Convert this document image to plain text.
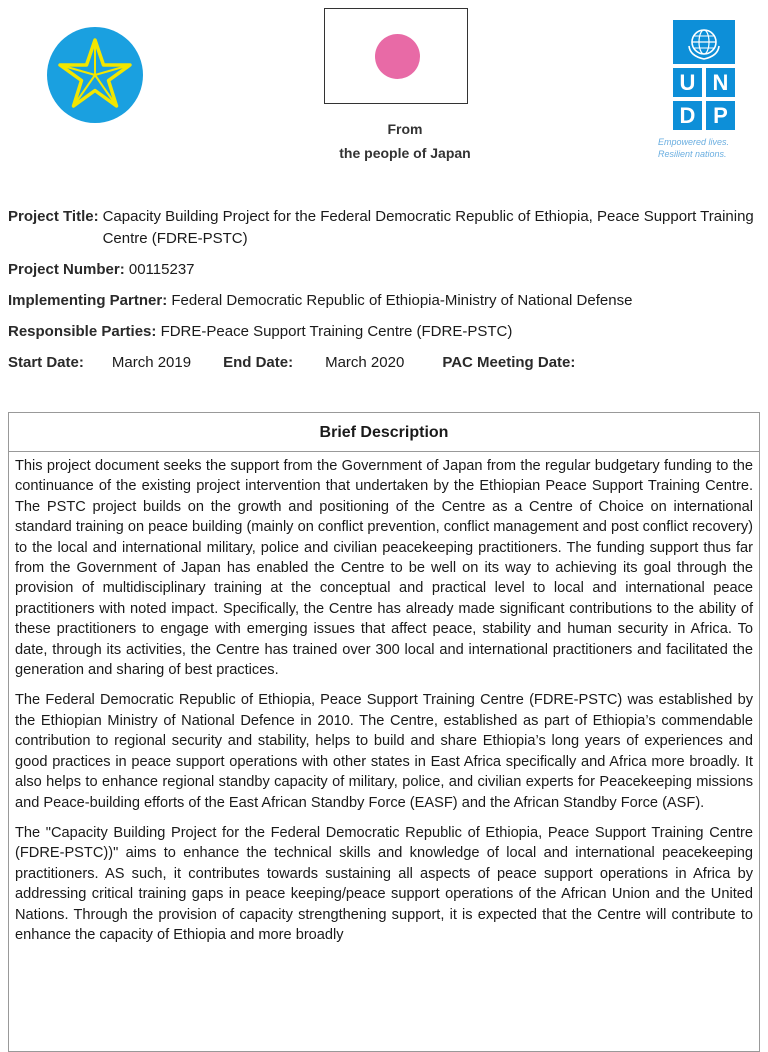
From
the people of Japan
U N
D P
Empowered lives.
Resilient nations.
Project Title: Capacity Building Project for the Federal Democratic Republic of Ethiopia, Peace Support Training Centre (FDRE-PSTC)
Project Number: 00115237
Implementing Partner: Federal Democratic Republic of Ethiopia-Ministry of National Defense
Responsible Parties: FDRE-Peace Support Training Centre (FDRE-PSTC)
Start Date: March 2019 End Date: March 2020	PAC Meeting Date:
Brief Description

This project document seeks the support from the Government of Japan from the regular budgetary funding to the continuance of the existing project intervention that undertaken by the Ethiopian Peace Support Training Centre. The PSTC project builds on the growth and positioning of the Centre as a Centre of Choice on international standard training on peace building (mainly on conflict prevention, conflict management and post conflict recovery) to the local and international military, police and civilian peacekeeping practitioners. The funding support thus far from the Government of Japan has enabled the Centre to be well on its way to achieving its goal through the provision of multidisciplinary training at the conceptual and practical level to local and international peace practitioners with noted impact. Specifically, the Centre has already made significant contributions to the ability of these practitioners to engage with emerging issues that affect peace, stability and human security in Africa. To date, through its activities, the Centre has trained over 300 local and international practitioners and facilitated the generation and sharing of best practices.

The Federal Democratic Republic of Ethiopia, Peace Support Training Centre (FDRE-PSTC) was established by the Ethiopian Ministry of National Defence in 2010. The Centre, established as part of Ethiopia’s commendable contribution to regional security and stability, helps to build and share Ethiopia’s long years of experiences and good practices in peace support operations with other states in East Africa specifically and Africa more broadly. It also helps to enhance regional standby capacity of military, police, and civilian experts for Peacekeeping missions and Peace-building efforts of the East African Standby Force (EASF) and the African Standby Force (ASF).

The "Capacity Building Project for the Federal Democratic Republic of Ethiopia, Peace Support Training Centre (FDRE-PSTC))" aims to enhance the technical skills and knowledge of local and international peacekeeping practitioners. AS such, it contributes towards sustaining all aspects of peace support operations in Africa by addressing critical training gaps in peace keeping/peace support operations of the African Union and the United Nations. Through the provision of capacity strengthening support, it is expected that the Centre will contribute to enhance the capacity of Ethiopia and more broadly
